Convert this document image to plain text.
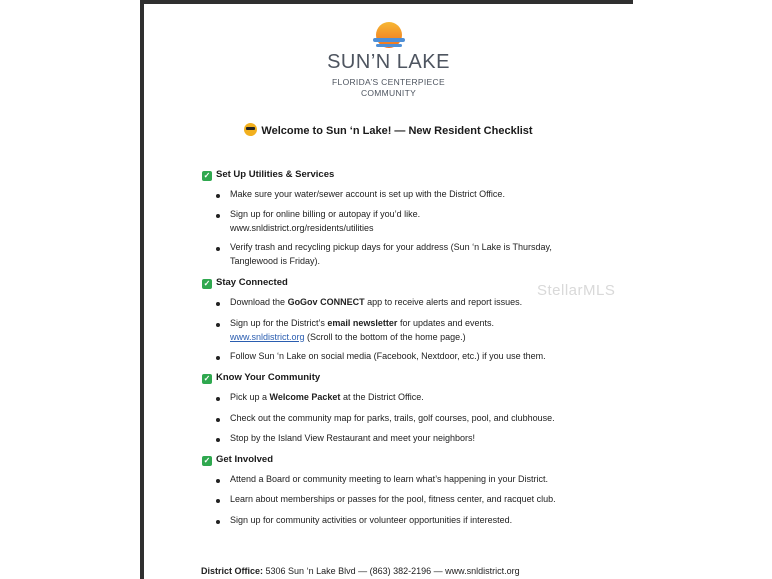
SUN’N LAKE
FLORIDA’S CENTERPIECE
COMMUNITY
Welcome to Sun ‘n Lake! — New Resident Checklist
✓ Set Up Utilities & Services
Make sure your water/sewer account is set up with the District Office.
Sign up for online billing or autopay if you’d like.
www.snldistrict.org/residents/utilities
Verify trash and recycling pickup days for your address (Sun ‘n Lake is Thursday,
Tanglewood is Friday).
✓ Stay Connected
Download the GoGov CONNECT app to receive alerts and report issues.
Sign up for the District’s email newsletter for updates and events.
www.snldistrict.org (Scroll to the bottom of the home page.)
Follow Sun ‘n Lake on social media (Facebook, Nextdoor, etc.) if you use them.
✓ Know Your Community
Pick up a Welcome Packet at the District Office.
Check out the community map for parks, trails, golf courses, pool, and clubhouse.
Stop by the Island View Restaurant and meet your neighbors!
✓ Get Involved
Attend a Board or community meeting to learn what’s happening in your District.
Learn about memberships or passes for the pool, fitness center, and racquet club.
Sign up for community activities or volunteer opportunities if interested.
District Office: 5306 Sun ‘n Lake Blvd — (863) 382-2196 — www.snldistrict.org
StellarMLS
